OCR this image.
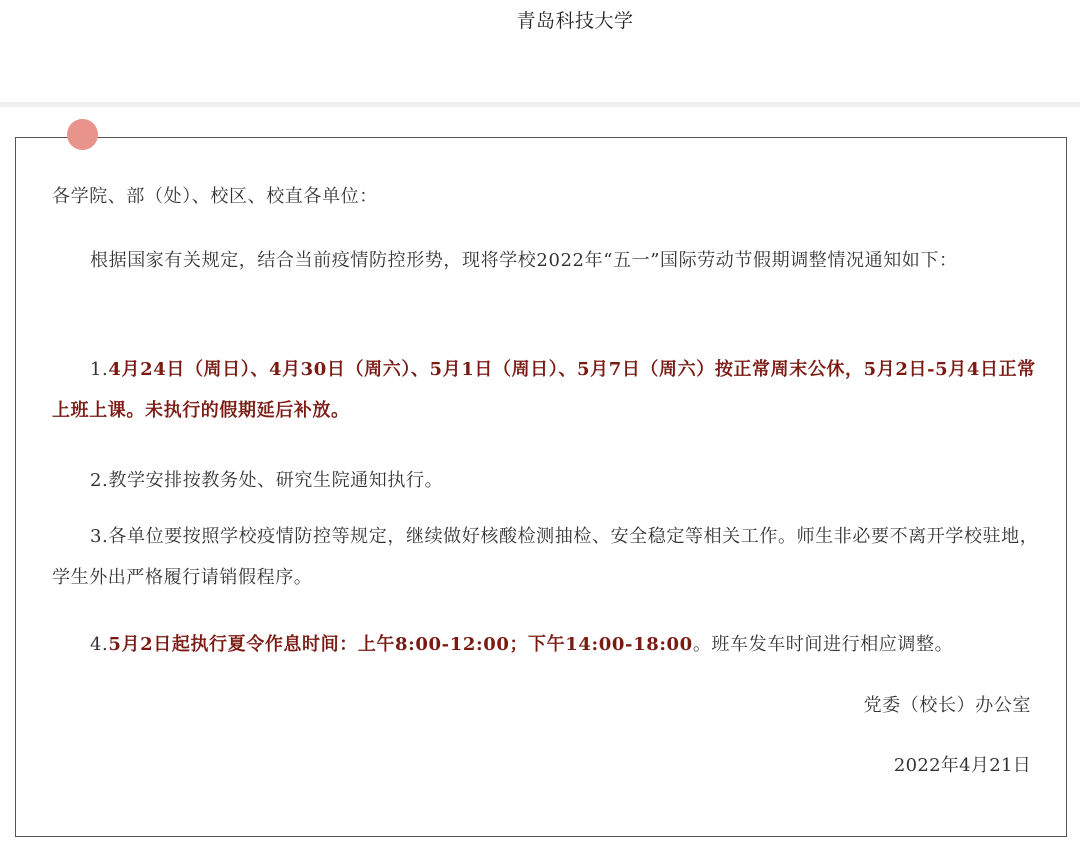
青岛科技大学

各学院、部（处）、校区、校直各单位：

根据国家有关规定，结合当前疫情防控形势，现将学校2022年“五一”国际劳动节假期调整情况通知如下：

1.4月24日（周日）、4月30日（周六）、5月1日（周日）、5月7日（周六）按正常周末公休，5月2日-5月4日正常上班上课。未执行的假期延后补放。

2.教学安排按教务处、研究生院通知执行。

3.各单位要按照学校疫情防控等规定，继续做好核酸检测抽检、安全稳定等相关工作。师生非必要不离开学校驻地，学生外出严格履行请销假程序。

4.5月2日起执行夏令作息时间：上午8:00-12:00；下午14:00-18:00。班车发车时间进行相应调整。

党委（校长）办公室
2022年4月21日
